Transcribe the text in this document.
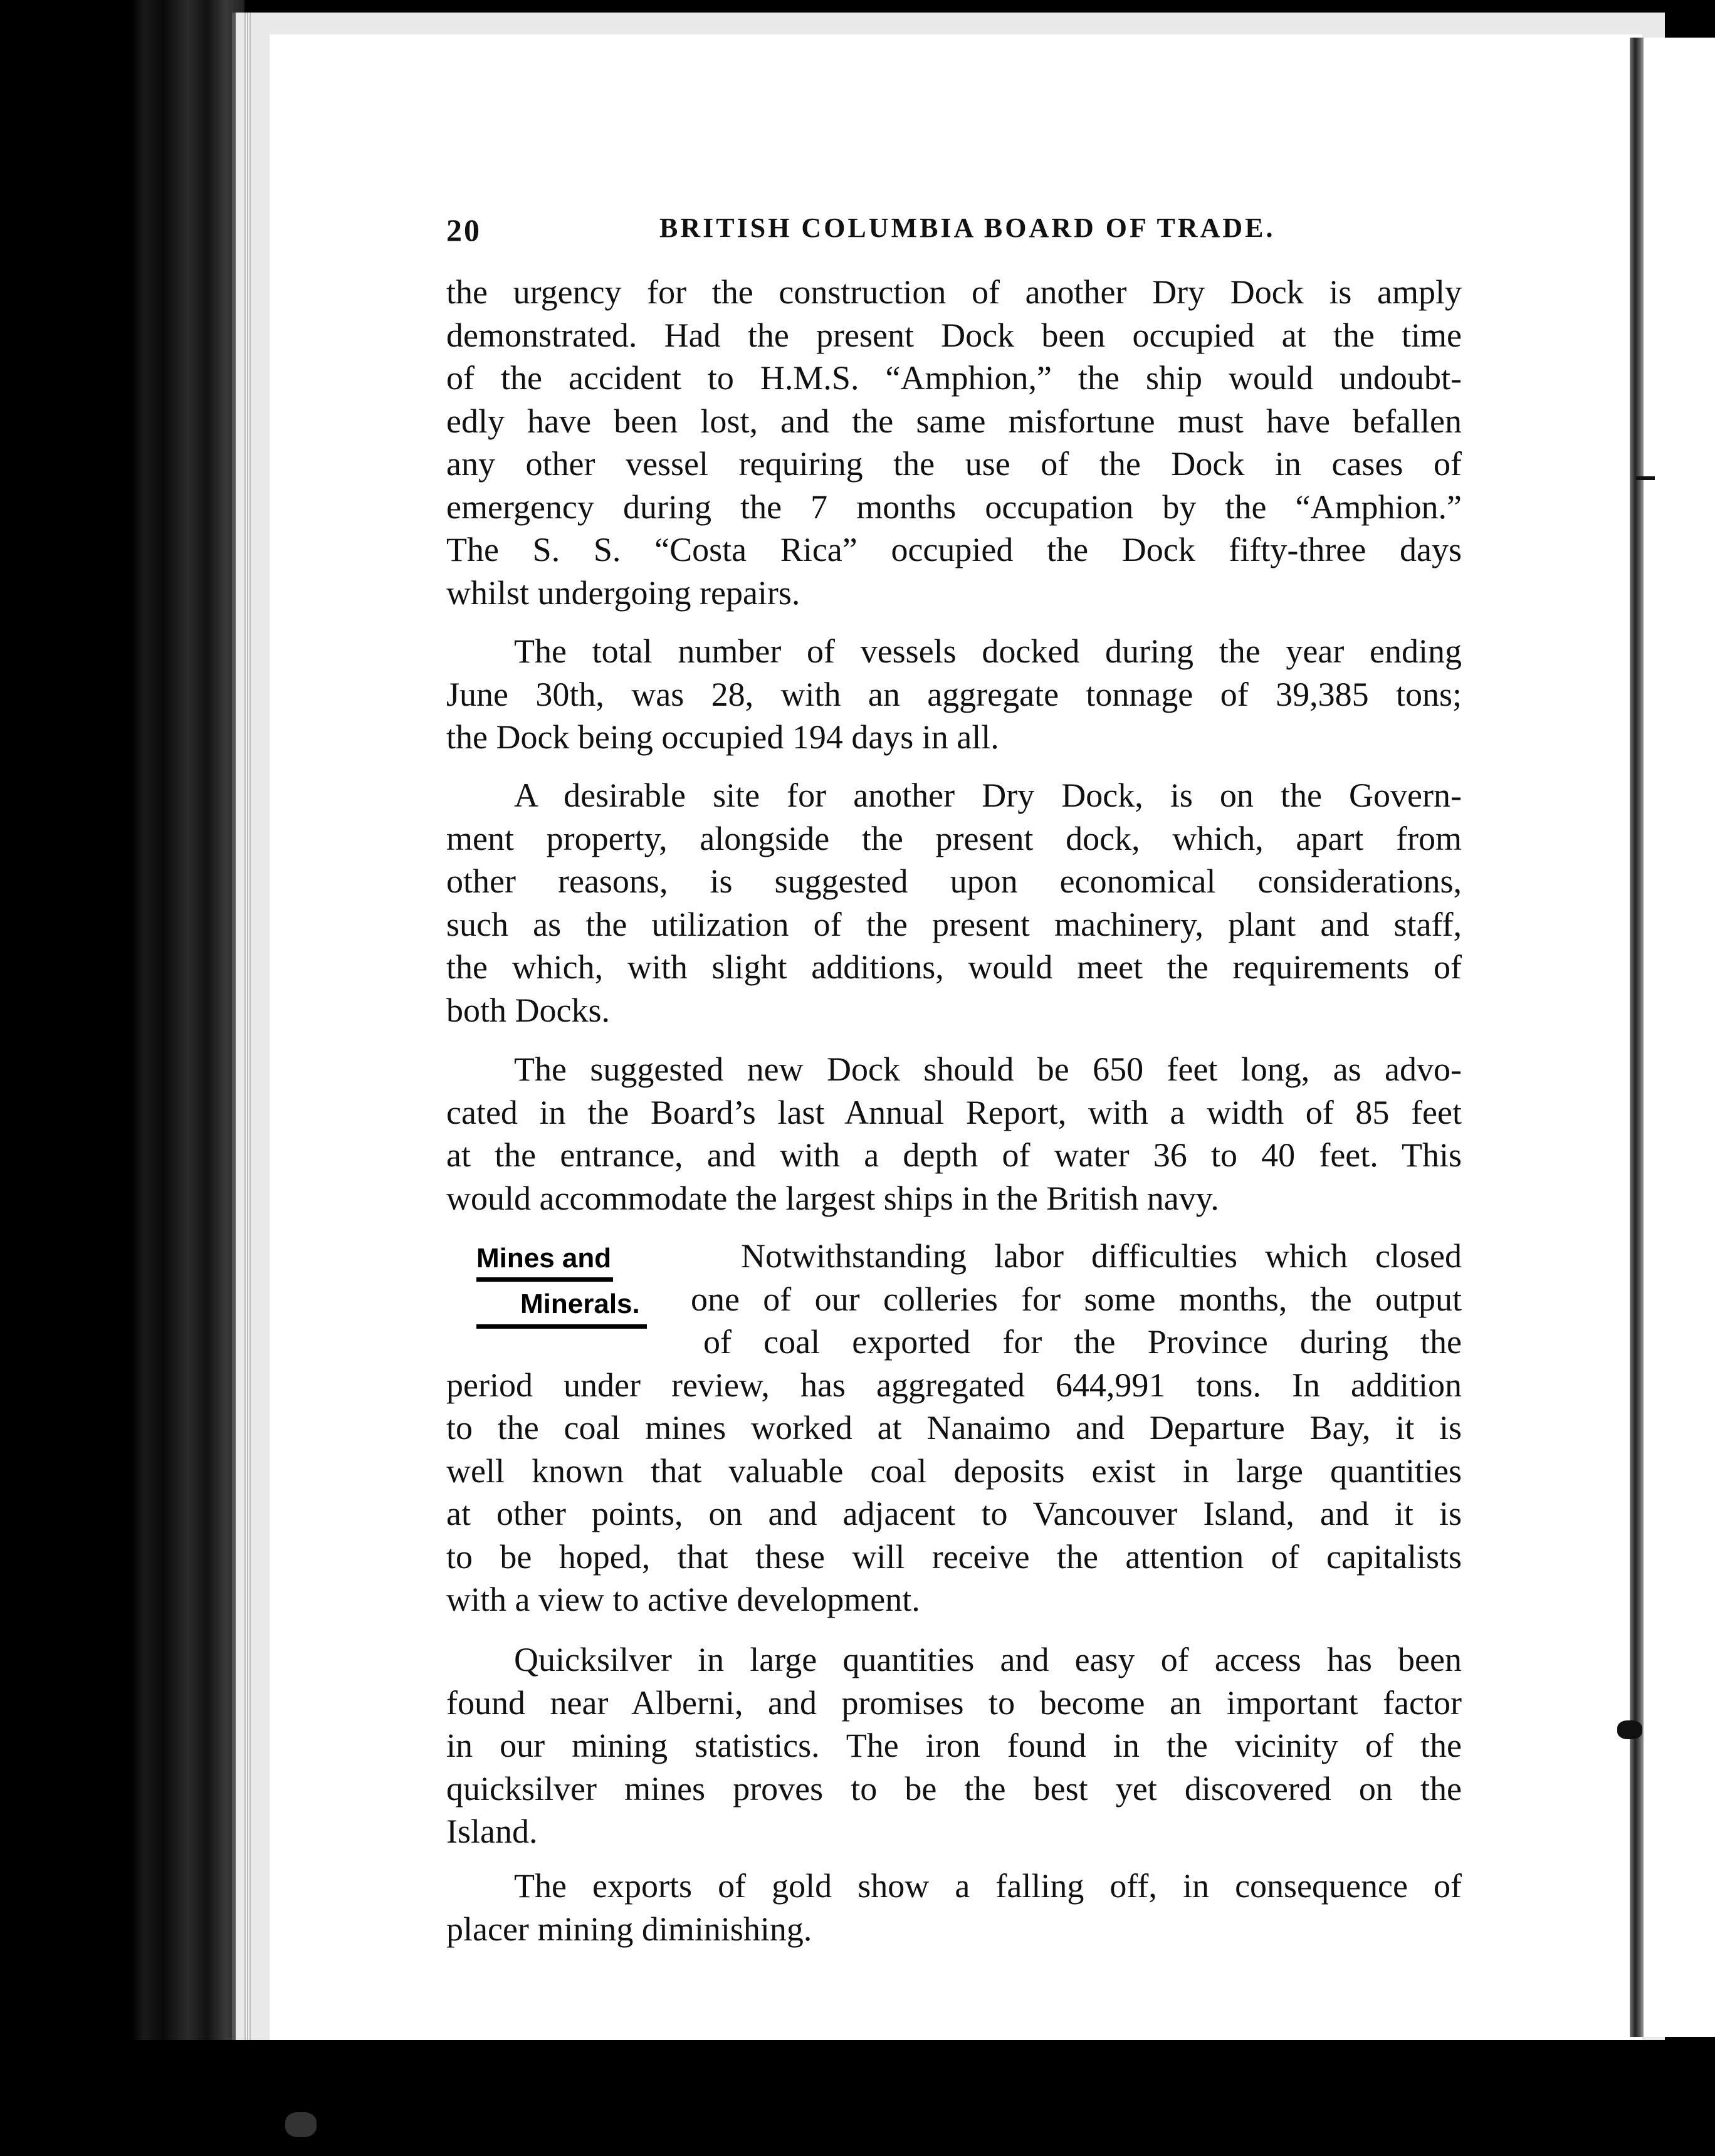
20	BRITISH COLUMBIA BOARD OF TRADE.

the urgency for the construction of another Dry Dock is amply
demonstrated. Had the present Dock been occupied at the time
of the accident to H.M.S. “Amphion,” the ship would undoubt-
edly have been lost, and the same misfortune must have befallen
any other vessel requiring the use of the Dock in cases of
emergency during the 7 months occupation by the “Amphion.”
The S. S. “Costa Rica” occupied the Dock fifty-three days
whilst undergoing repairs.

The total number of vessels docked during the year ending
June 30th, was 28, with an aggregate tonnage of 39,385 tons;
the Dock being occupied 194 days in all.

A desirable site for another Dry Dock, is on the Govern-
ment property, alongside the present dock, which, apart from
other reasons, is suggested upon economical considerations,
such as the utilization of the present machinery, plant and staff,
the which, with slight additions, would meet the requirements of
both Docks.

The suggested new Dock should be 650 feet long, as advo-
cated in the Board’s last Annual Report, with a width of 85 feet
at the entrance, and with a depth of water 36 to 40 feet. This
would accommodate the largest ships in the British navy.

Mines and
Minerals.

Notwithstanding labor difficulties which closed
one of our colleries for some months, the output
of coal exported for the Province during the
period under review, has aggregated 644,991 tons. In addition
to the coal mines worked at Nanaimo and Departure Bay, it is
well known that valuable coal deposits exist in large quantities
at other points, on and adjacent to Vancouver Island, and it is
to be hoped, that these will receive the attention of capitalists
with a view to active development.

Quicksilver in large quantities and easy of access has been
found near Alberni, and promises to become an important factor
in our mining statistics. The iron found in the vicinity of the
quicksilver mines proves to be the best yet discovered on the
Island.

The exports of gold show a falling off, in consequence of
placer mining diminishing.
